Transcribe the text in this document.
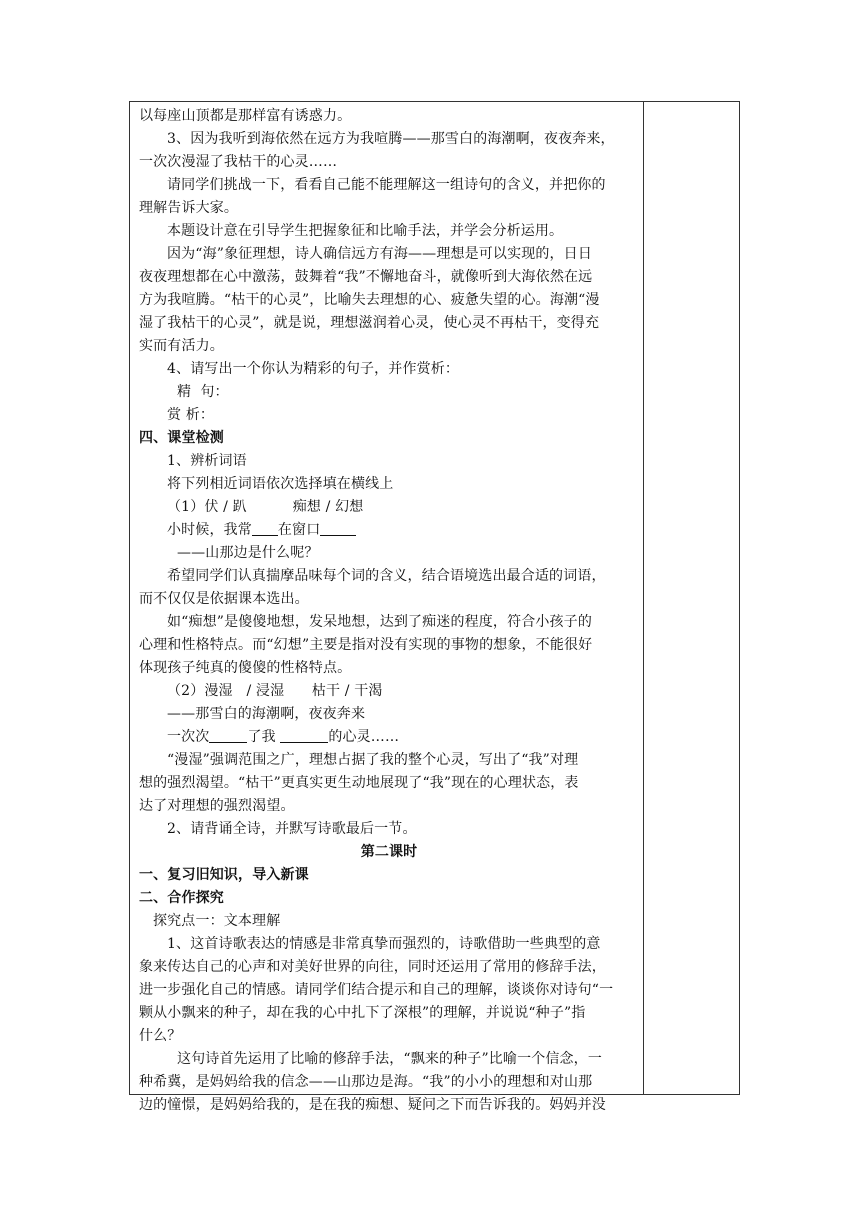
以每座山顶都是那样富有诱惑力。
3、因为我听到海依然在远方为我喧腾——那雪白的海潮啊，夜夜奔来，
一次次漫湿了我枯干的心灵……
请同学们挑战一下，看看自己能不能理解这一组诗句的含义，并把你的
理解告诉大家。
本题设计意在引导学生把握象征和比喻手法，并学会分析运用。
因为“海”象征理想，诗人确信远方有海——理想是可以实现的，日日
夜夜理想都在心中激荡，鼓舞着“我”不懈地奋斗，就像听到大海依然在远
方为我喧腾。“枯干的心灵”，比喻失去理想的心、疲惫失望的心。海潮“漫
湿了我枯干的心灵”，就是说，理想滋润着心灵，使心灵不再枯干，变得充
实而有活力。
4、请写出一个你认为精彩的句子，并作赏析：
精  句：
赏 析：
四、课堂检测
1、辨析词语
将下列相近词语依次选择填在横线上
（1）伏 / 趴          痴想 / 幻想
小时候，我常 在窗口
——山那边是什么呢？
希望同学们认真揣摩品味每个词的含义，结合语境选出最合适的词语，
而不仅仅是依据课本选出。
如“痴想”是傻傻地想，发呆地想，达到了痴迷的程度，符合小孩子的
心理和性格特点。而“幻想”主要是指对没有实现的事物的想象，不能很好
体现孩子纯真的傻傻的性格特点。
（2）漫湿   / 浸湿      枯干 / 干渴
——那雪白的海潮啊，夜夜奔来
一次次	了我	的心灵……
“漫湿”强调范围之广，理想占据了我的整个心灵，写出了“我”对理
想的强烈渴望。“枯干”更真实更生动地展现了“我”现在的心理状态，表
达了对理想的强烈渴望。
2、请背诵全诗，并默写诗歌最后一节。
第二课时
一、复习旧知识，导入新课
二、合作探究
探究点一：文本理解
1、这首诗歌表达的情感是非常真挚而强烈的，诗歌借助一些典型的意
象来传达自己的心声和对美好世界的向往，同时还运用了常用的修辞手法，
进一步强化自己的情感。请同学们结合提示和自己的理解，谈谈你对诗句“一
颗从小飘来的种子，却在我的心中扎下了深根”的理解，并说说“种子”指
什么？
这句诗首先运用了比喻的修辞手法，“飘来的种子”比喻一个信念，一
种希冀，是妈妈给我的信念——山那边是海。“我”的小小的理想和对山那
边的憧憬，是妈妈给我的，是在我的痴想、疑问之下而告诉我的。妈妈并没
